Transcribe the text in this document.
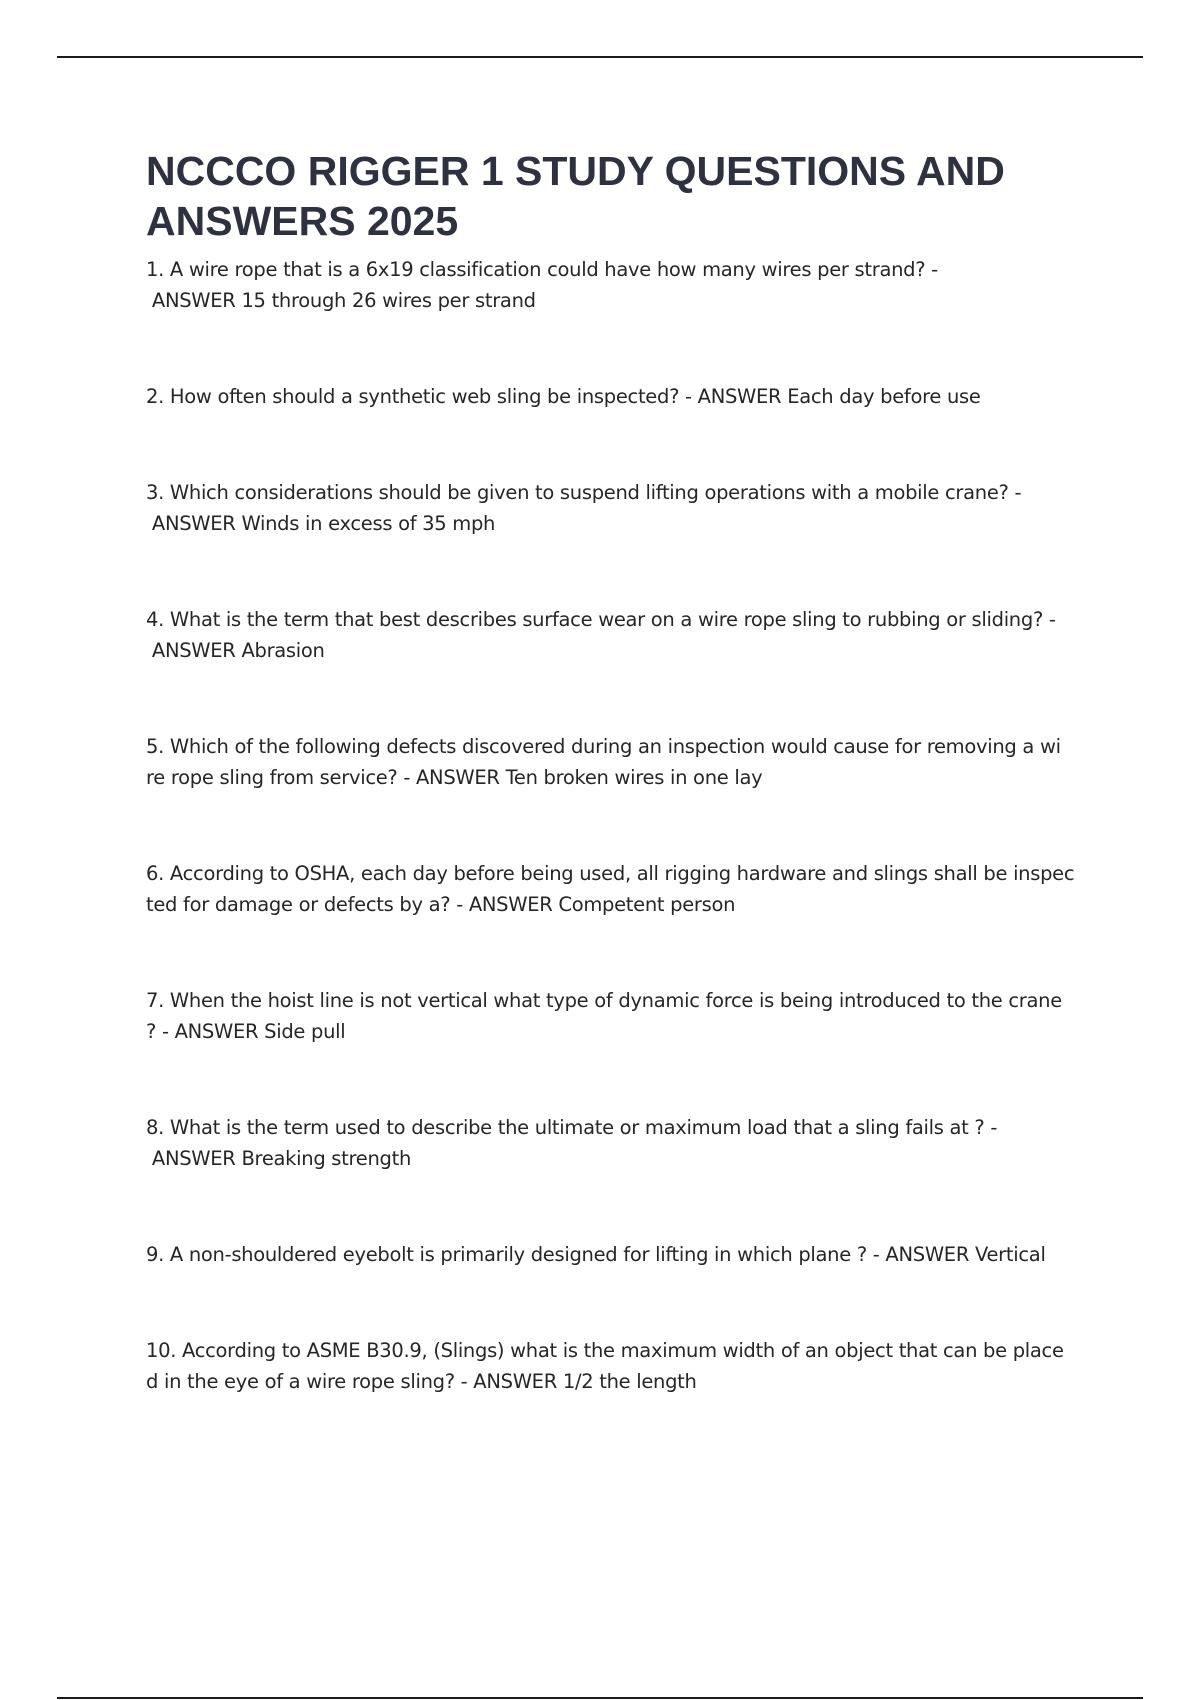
NCCCO RIGGER 1 STUDY QUESTIONS AND ANSWERS 2025
1. A wire rope that is a 6x19 classification could have how many wires per strand? -
ANSWER 15 through 26 wires per strand
2. How often should a synthetic web sling be inspected? - ANSWER Each day before use
3. Which considerations should be given to suspend lifting operations with a mobile crane? -
ANSWER Winds in excess of 35 mph
4. What is the term that best describes surface wear on a wire rope sling to rubbing or sliding? -
ANSWER Abrasion
5. Which of the following defects discovered during an inspection would cause for removing a wi
re rope sling from service? - ANSWER Ten broken wires in one lay
6. According to OSHA, each day before being used, all rigging hardware and slings shall be inspec
ted for damage or defects by a? - ANSWER Competent person
7. When the hoist line is not vertical what type of dynamic force is being introduced to the crane
? - ANSWER Side pull
8. What is the term used to describe the ultimate or maximum load that a sling fails at ? -
ANSWER Breaking strength
9. A non-shouldered eyebolt is primarily designed for lifting in which plane ? - ANSWER Vertical
10. According to ASME B30.9, (Slings) what is the maximum width of an object that can be place
d in the eye of a wire rope sling? - ANSWER 1/2 the length
